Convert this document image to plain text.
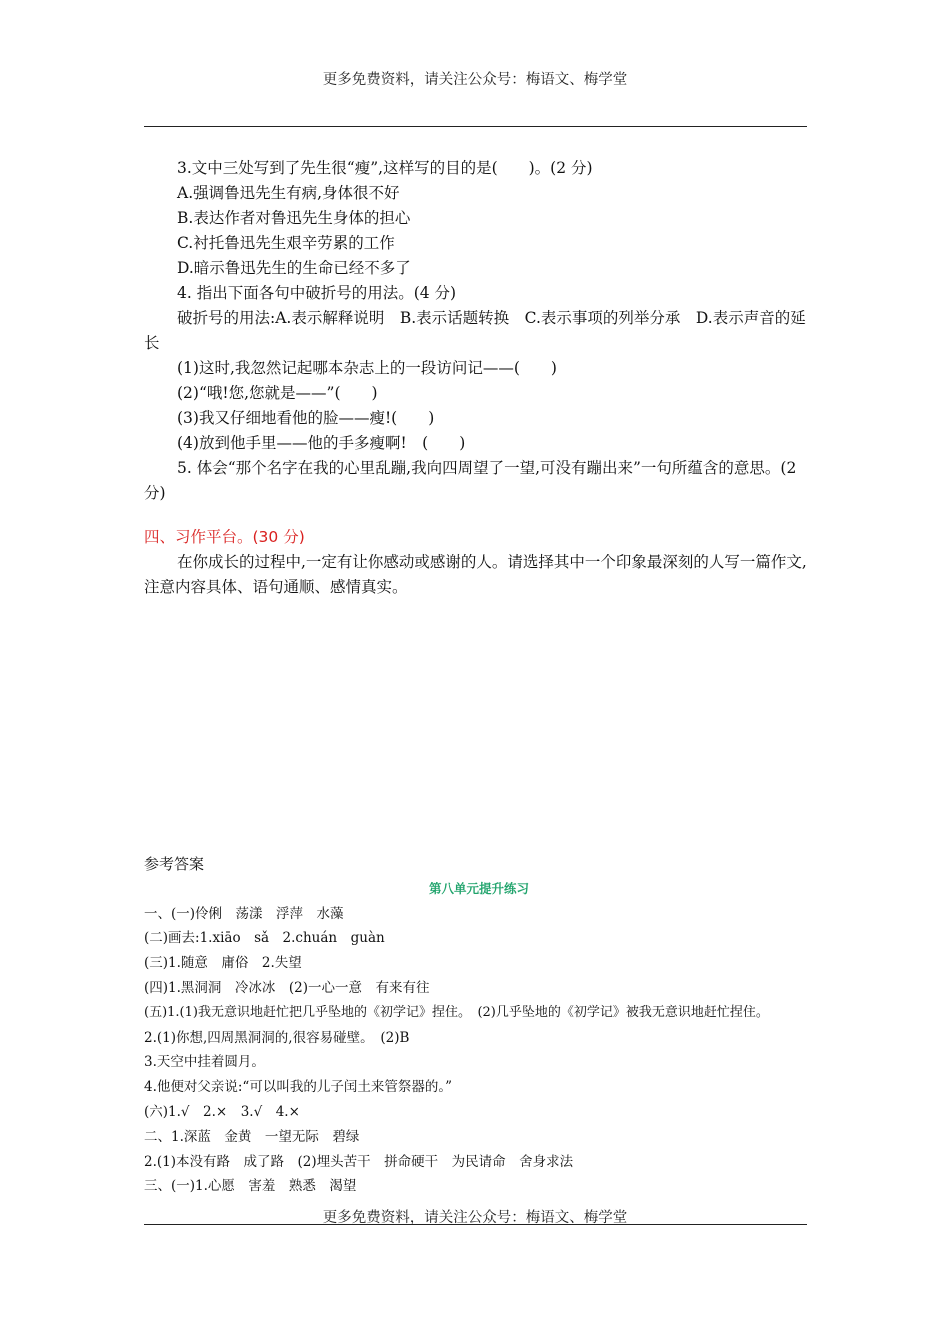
更多免费资料，请关注公众号：梅语文、梅学堂

3.文中三处写到了先生很“瘦”,这样写的目的是(　　)。(2 分)

A.强调鲁迅先生有病,身体很不好

B.表达作者对鲁迅先生身体的担心

C.衬托鲁迅先生艰辛劳累的工作

D.暗示鲁迅先生的生命已经不多了

4. 指出下面各句中破折号的用法。(4 分)

破折号的用法:A.表示解释说明　B.表示话题转换　C.表示事项的列举分承　D.表示声音的延长

(1)这时,我忽然记起哪本杂志上的一段访问记——(　　)

(2)“哦!您,您就是——”(　　)

(3)我又仔细地看他的脸——瘦!(　　)

(4)放到他手里——他的手多瘦啊!　(　　)

5. 体会“那个名字在我的心里乱蹦,我向四周望了一望,可没有蹦出来”一句所蕴含的意思。(2 分)

四、习作平台。(30 分)

在你成长的过程中,一定有让你感动或感谢的人。请选择其中一个印象最深刻的人写一篇作文,注意内容具体、语句通顺、感情真实。

参考答案

第八单元提升练习

一、(一)伶俐　荡漾　浮萍　水藻

(二)画去:1.xiāo　sǎ　2.chuán　guàn

(三)1.随意　庸俗　2.失望

(四)1.黑洞洞　冷冰冰　(2)一心一意　有来有往

(五)1.(1)我无意识地赶忙把几乎坠地的《初学记》捏住。　(2)几乎坠地的《初学记》被我无意识地赶忙捏住。

2.(1)你想,四周黑洞洞的,很容易碰壁。　(2)B

3.天空中挂着圆月。

4.他便对父亲说:“可以叫我的儿子闰土来管祭器的。”

(六)1.√　2.×　3.√　4.×

二、1.深蓝　金黄　一望无际　碧绿

2.(1)本没有路　成了路　(2)埋头苦干　拼命硬干　为民请命　舍身求法

三、(一)1.心愿　害羞　熟悉　渴望

更多免费资料，请关注公众号：梅语文、梅学堂
